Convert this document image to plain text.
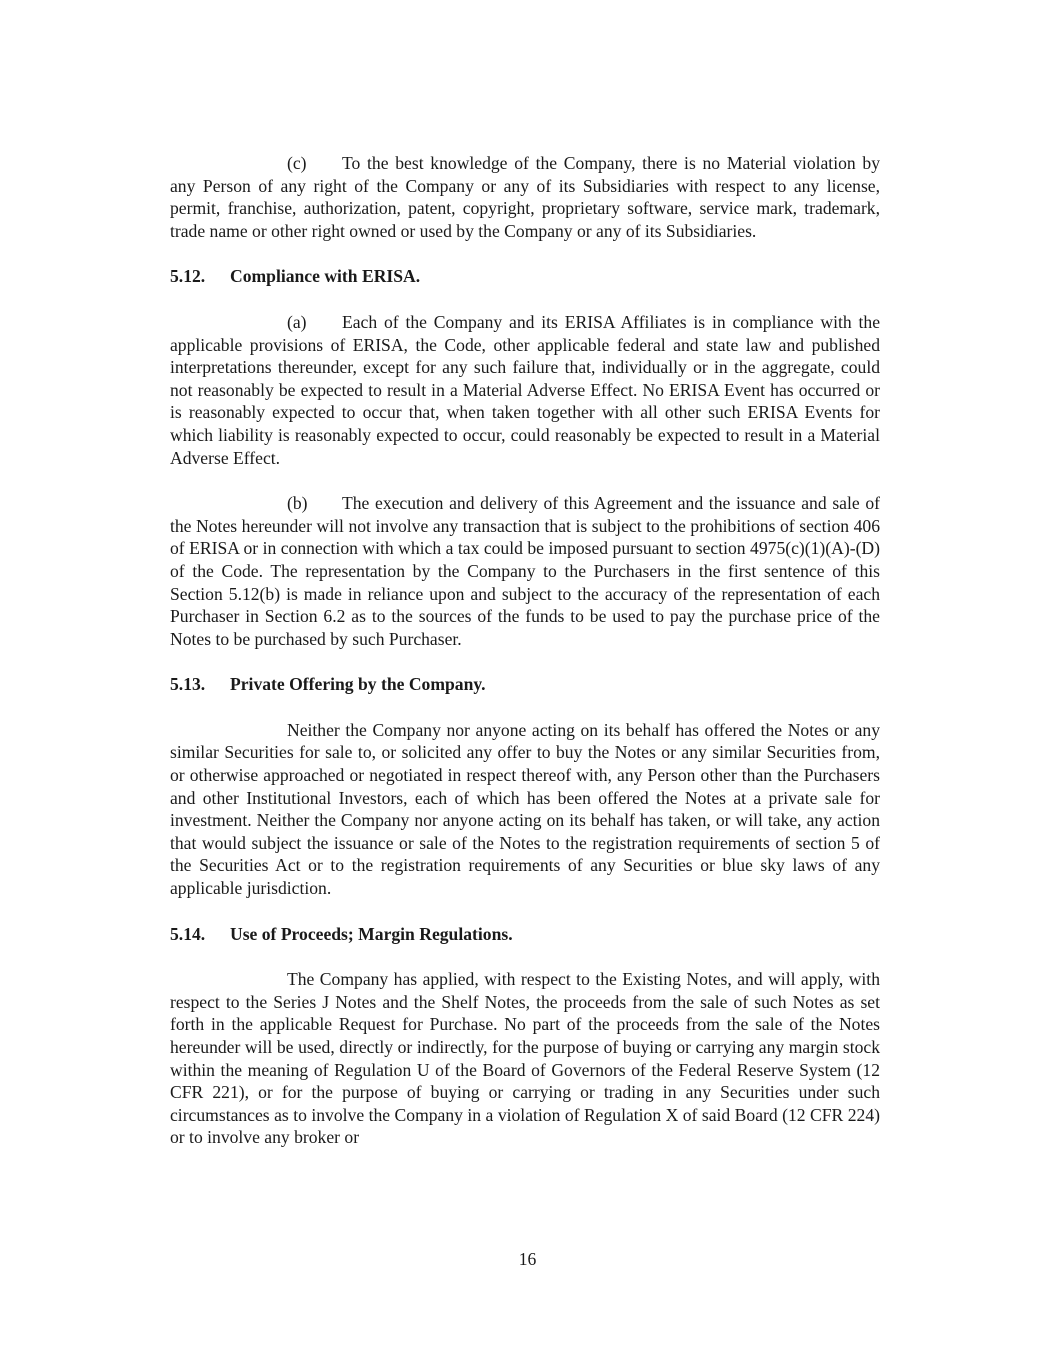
(c) To the best knowledge of the Company, there is no Material violation by any Person of any right of the Company or any of its Subsidiaries with respect to any license, permit, franchise, authorization, patent, copyright, proprietary software, service mark, trademark, trade name or other right owned or used by the Company or any of its Subsidiaries.

5.12. Compliance with ERISA.

(a) Each of the Company and its ERISA Affiliates is in compliance with the applicable provisions of ERISA, the Code, other applicable federal and state law and published interpretations thereunder, except for any such failure that, individually or in the aggregate, could not reasonably be expected to result in a Material Adverse Effect. No ERISA Event has occurred or is reasonably expected to occur that, when taken together with all other such ERISA Events for which liability is reasonably expected to occur, could reasonably be expected to result in a Material Adverse Effect.

(b) The execution and delivery of this Agreement and the issuance and sale of the Notes hereunder will not involve any transaction that is subject to the prohibitions of section 406 of ERISA or in connection with which a tax could be imposed pursuant to section 4975(c)(1)(A)-(D) of the Code. The representation by the Company to the Purchasers in the first sentence of this Section 5.12(b) is made in reliance upon and subject to the accuracy of the representation of each Purchaser in Section 6.2 as to the sources of the funds to be used to pay the purchase price of the Notes to be purchased by such Purchaser.

5.13. Private Offering by the Company.

Neither the Company nor anyone acting on its behalf has offered the Notes or any similar Securities for sale to, or solicited any offer to buy the Notes or any similar Securities from, or otherwise approached or negotiated in respect thereof with, any Person other than the Purchasers and other Institutional Investors, each of which has been offered the Notes at a private sale for investment. Neither the Company nor anyone acting on its behalf has taken, or will take, any action that would subject the issuance or sale of the Notes to the registration requirements of section 5 of the Securities Act or to the registration requirements of any Securities or blue sky laws of any applicable jurisdiction.

5.14. Use of Proceeds; Margin Regulations.

The Company has applied, with respect to the Existing Notes, and will apply, with respect to the Series J Notes and the Shelf Notes, the proceeds from the sale of such Notes as set forth in the applicable Request for Purchase. No part of the proceeds from the sale of the Notes hereunder will be used, directly or indirectly, for the purpose of buying or carrying any margin stock within the meaning of Regulation U of the Board of Governors of the Federal Reserve System (12 CFR 221), or for the purpose of buying or carrying or trading in any Securities under such circumstances as to involve the Company in a violation of Regulation X of said Board (12 CFR 224) or to involve any broker or

16
